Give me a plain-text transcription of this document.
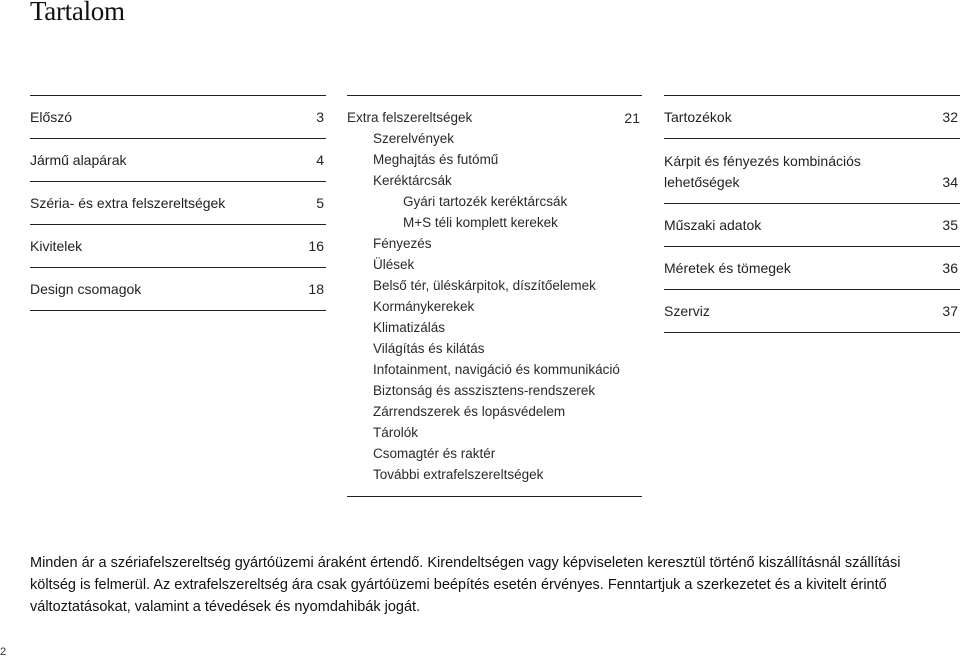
Tartalom
Előszó	3
Jármű alapárak	4
Széria- és extra felszereltségek	5
Kivitelek	16
Design csomagok	18
Extra felszereltségek	21
Szerelvények
Meghajtás és futómű
Keréktárcsák
Gyári tartozék keréktárcsák
M+S téli komplett kerekek
Fényezés
Ülések
Belső tér, üléskárpitok, díszítőelemek
Kormánykerekek
Klimatizálás
Világítás és kilátás
Infotainment, navigáció és kommunikáció
Biztonság és asszisztens-rendszerek
Zárrendszerek és lopásvédelem
Tárolók
Csomagtér és raktér
További extrafelszereltségek
Tartozékok	32
Kárpit és fényezés kombinációs
lehetőségek	34
Műszaki adatok	35
Méretek és tömegek	36
Szerviz	37
Minden ár a szériafelszereltség gyártóüzemi áraként értendő. Kirendeltségen vagy képviseleten keresztül történő kiszállításnál szállítási költség is felmerül. Az extrafelszereltség ára csak gyártóüzemi beépítés esetén érvényes. Fenntartjuk a szerkezetet és a kivitelt érintő változtatásokat, valamint a tévedések és nyomdahibák jogát.
2
